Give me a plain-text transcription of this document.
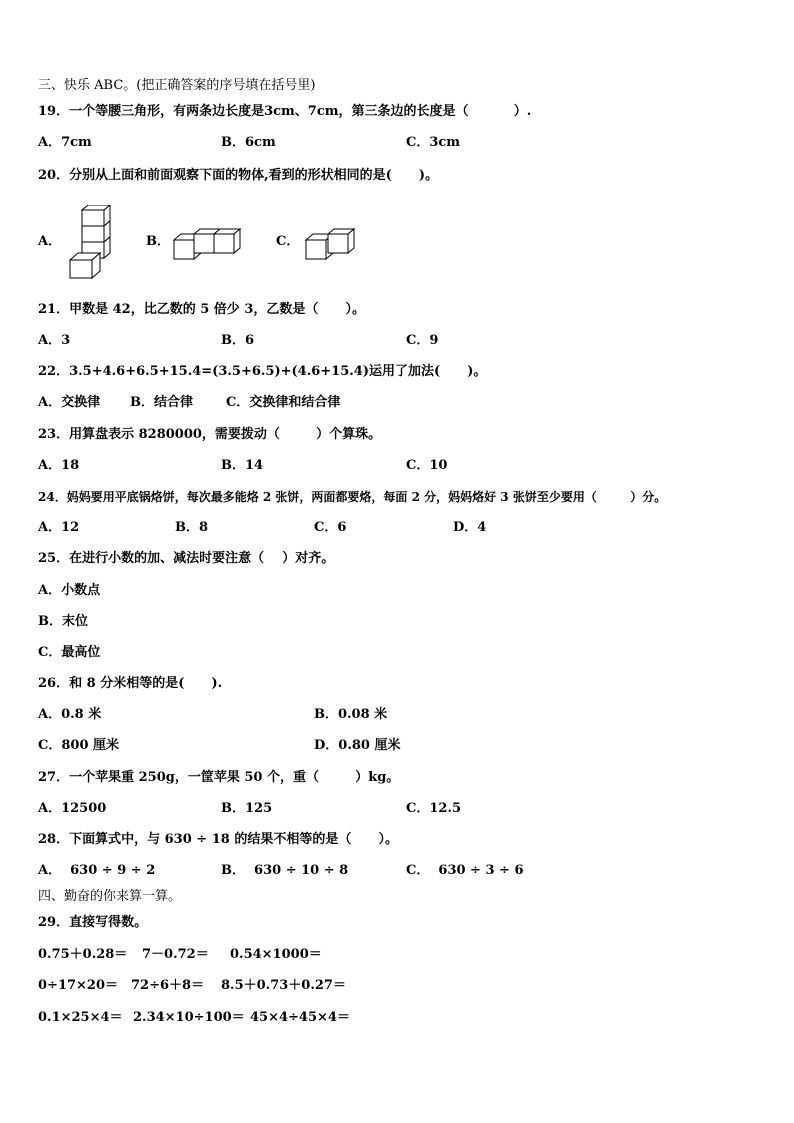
三、快乐 ABC。(把正确答案的序号填在括号里)
19．一个等腰三角形，有两条边长度是3cm、7cm，第三条边的长度是（          ）.
A．7cm	B．6cm	C．3cm
20．分别从上面和前面观察下面的物体,看到的形状相同的是(      )。
A．	B．	C．
21．甲数是 42，比乙数的 5 倍少 3，乙数是（      ）。
A．3	B．6	C．9
22．3.5+4.6+6.5+15.4=(3.5+6.5)+(4.6+15.4)运用了加法(      )。
A．交换律 B．结合律	C．交换律和结合律
23．用算盘表示 8280000，需要拨动（        ）个算珠。
A．18	B．14	C．10
24．妈妈要用平底锅烙饼，每次最多能烙 2 张饼，两面都要烙，每面 2 分，妈妈烙好 3 张饼至少要用（        ）分。
A．12	B．8	C．6	D．4
25．在进行小数的加、减法时要注意（    ）对齐。
A．小数点
B．末位
C．最高位
26．和 8 分米相等的是(      ).
A．0.8 米	B．0.08 米
C．800 厘米	D．0.80 厘米
27．一个苹果重 250g，一筐苹果 50 个，重（        ）kg。
A．12500	B．125	C．12.5
28．下面算式中，与 630 ÷ 18 的结果不相等的是（      ）。
A．  630 ÷ 9 ÷ 2	B．  630 ÷ 10 ÷ 8	C．  630 ÷ 3 ÷ 6
四、勤奋的你来算一算。
29．直接写得数。
0.75＋0.28＝ 7－0.72＝ 0.54×1000＝
0÷17×20＝ 72÷6＋8＝ 8.5＋0.73＋0.27＝
0.1×25×4＝ 2.34×10÷100＝ 45×4÷45×4＝
